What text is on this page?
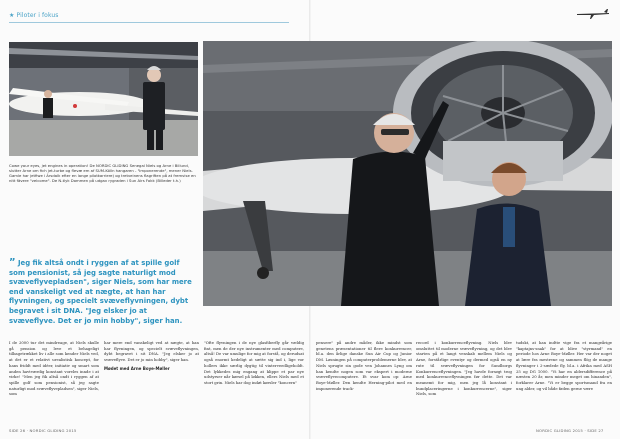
★ Piloter i fokus
Cowe your eyes, jet engines in operation! De NORDIC GLIDING Senegal Niels og Arne i Billund, slutter Arne om fich jet-turbe og flevæ em af SUM-Kölln hangaren - "Imponerende", mener Niels. Gamle har jetfiwe i Ärsdalk efter en lange pilotkarriere) og tretveinens flagriften på at fremvise en nitt fävere "velcome". De N-tlyk Dommen på udgav rygraden i Sun Airs Fokk (Billeder t.h.)
” Jeg fik altså ondt i ryggen af at spille golf som pensionist, så jeg sagte naturligt mod svæveflyvepladsen", siger Niels, som har mere end vanskeligt ved at nægte, at han har flyvningen, og specielt svæveflyvningen, dybt begravet i sit DNA. "Jeg elsker jo at svæveflyve. Det er jo min hobby", siger han.

I de 2000 tur det mindreage, at Niels skulle gå pension og leve et behageligt tilbagetrækket liv i alle som kender Niels ved, at det er et relativt urealistisk koncept, for hans friddt med idéer, initiativ og smart som anden havtværdig konstant voreles innde i at virke! "Men jeg fik altså ondt i ryggen af at spille golf som pensionist, så jeg sagte naturligt mod svæveflyvepladsen", siger Niels, som

har mere end vanskeligt ved at nægte, at han har flyvningen, og specielt svæveflyvningen, dybt begravet i sit DNA. "Jeg elsker jo at svæveflyve. Det er jo min hobby", siger han.

Mødet med Arne Boye-Møller

"Ofte flyvningen i de nye glasfiberfly går vældig fint, men de der nye instrumenter med computere, altså! De var umulige for mig at forstå, og derudsat også enormt kedeligt at sætte sig ind i, lige vor hollers ikke særlig dygtig til vinterveedligeholdt. Det lykkedes mig engang at klippe et par nye udstyrser når kørsel på løkken, ellers Niels med et stort grin. Niels har dog indøt kørsler "koncern"

pensere" på andre måder, ikke mindst som genetens præsentationer til flere konkurrencer, bl.a. den årlige danske Sun Air Cup og Junior DM. Løsningen på computerproblemerne blev, at Niels sprugte sin gode ven Johannes Lyng om han kendte nogen som var ekspert i moderne svæveflyvecomputere. Et svar kom op: Arne Boye-Møller. Den kendte Herning-pilot med en imponerende track-

record i konkurrenceflyvning. Niels blev omsluttet til moderne svæveflyvning, og det blev starten på et langt venskab mellem Niels og Arne, forstårlige eventyr og dermed også en ny rute til svæveflyvningen for Sundborgs Konkurrenceflyvningen. "Jeg havde forsøgt trog med konkurrenceflyvningen før dette. Det var meanemt for mig, men jeg lå konstant i bundplaceringerne i konkurrencerne", siger Niels, som

tudskt, at han indtte vige fra et mangeårige "kaptajns-snak" for at blive "styrmand" en periode hos Arne Boye-Møller. Her var der noget at lære fra mestrene og sammen flög de mange flyvninger i 2-sædede fly, bl.a. i Afrika med ASH 25 og DG 1000. "Vi har en aldersdifference på næsten 20 år, men minder meget om hinanden", forklarer Arne. "Vi er begge sportsmand fra en ung alder, og vil både føden gerne være

SIDE 26 · NORDIC GLIDING 2015	NORDIC GLIDING 2015 · SIDE 27
